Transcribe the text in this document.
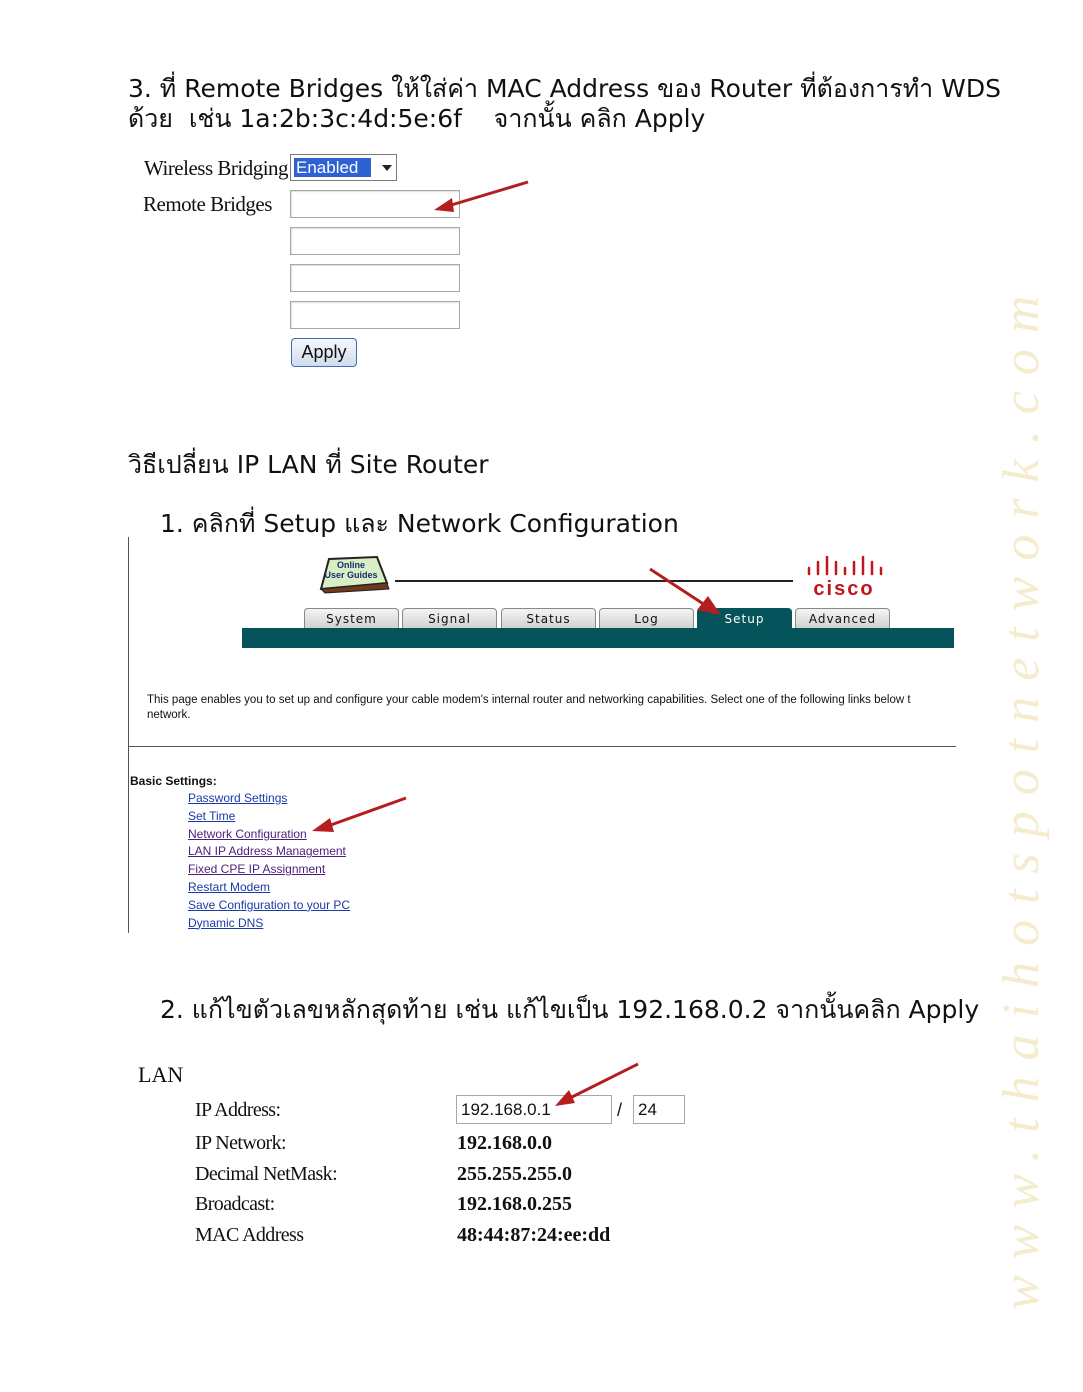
www.thaihotspotnetwork.com
3. ที่ Remote Bridges ให้ใส่ค่า MAC Address ของ Router ที่ต้องการทำ WDS
ด้วย  เช่น 1a:2b:3c:4d:5e:6f    จากนั้น คลิก Apply
Wireless Bridging Enabled
Remote Bridges
Apply
วิธีเปลี่ยน IP LAN ที่ Site Router
1. คลิกที่ Setup และ Network Configuration
Online
User Guides
cisco
System	Signal	Status	Log	Setup	Advanced
This page enables you to set up and configure your cable modem's internal router and networking capabilities. Select one of the following links below t
network.
Basic Settings:
Password Settings
Set Time
Network Configuration
LAN IP Address Management
Fixed CPE IP Assignment
Restart Modem
Save Configuration to your PC
Dynamic DNS
2. แก้ไขตัวเลขหลักสุดท้าย เช่น แก้ไขเป็น 192.168.0.2 จากนั้นคลิก Apply
LAN
IP Address:	192.168.0.1	/ 24
IP Network:	192.168.0.0
Decimal NetMask:	255.255.255.0
Broadcast:	192.168.0.255
MAC Address	48:44:87:24:ee:dd
